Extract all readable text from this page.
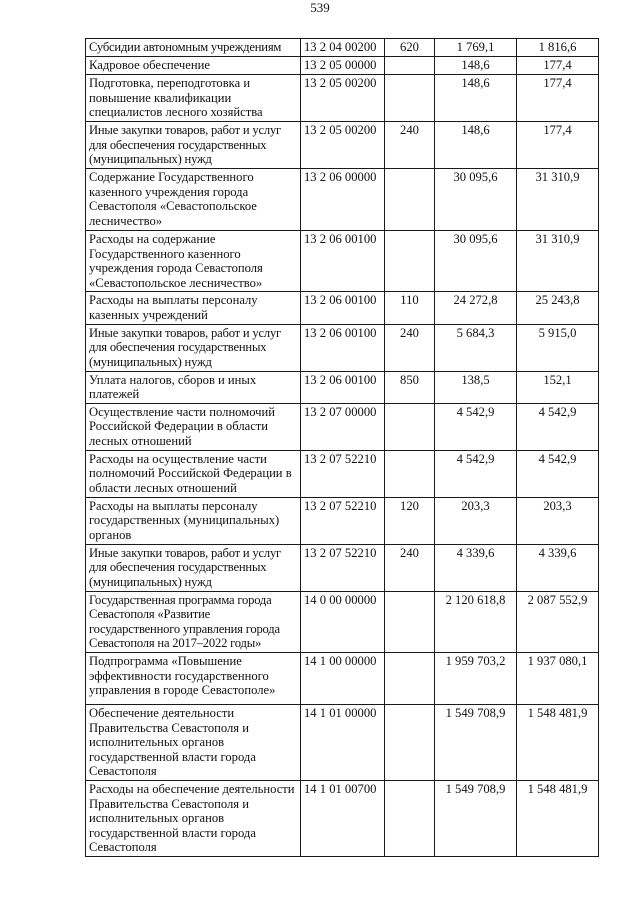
539
Субсидии автономным учреждениям	13 2 04 00200	620	1 769,1	1 816,6
Кадровое обеспечение	13 2 05 00000		148,6	177,4
Подготовка, переподготовка и повышение квалификации специалистов лесного хозяйства	13 2 05 00200		148,6	177,4
Иные закупки товаров, работ и услуг для обеспечения государственных (муниципальных) нужд	13 2 05 00200	240	148,6	177,4
Содержание Государственного казенного учреждения города Севастополя «Севастопольское лесничество»	13 2 06 00000		30 095,6	31 310,9
Расходы на содержание Государственного казенного учреждения города Севастополя «Севастопольское лесничество»	13 2 06 00100		30 095,6	31 310,9
Расходы на выплаты персоналу казенных учреждений	13 2 06 00100	110	24 272,8	25 243,8
Иные закупки товаров, работ и услуг для обеспечения государственных (муниципальных) нужд	13 2 06 00100	240	5 684,3	5 915,0
Уплата налогов, сборов и иных платежей	13 2 06 00100	850	138,5	152,1
Осуществление части полномочий Российской Федерации в области лесных отношений	13 2 07 00000		4 542,9	4 542,9
Расходы на осуществление части полномочий Российской Федерации в области лесных отношений	13 2 07 52210		4 542,9	4 542,9
Расходы на выплаты персоналу государственных (муниципальных) органов	13 2 07 52210	120	203,3	203,3
Иные закупки товаров, работ и услуг для обеспечения государственных (муниципальных) нужд	13 2 07 52210	240	4 339,6	4 339,6
Государственная программа города Севастополя «Развитие государственного управления города Севастополя на 2017–2022 годы»	14 0 00 00000		2 120 618,8	2 087 552,9
Подпрограмма «Повышение эффективности государственного управления в городе Севастополе»	14 1 00 00000		1 959 703,2	1 937 080,1
Обеспечение деятельности Правительства Севастополя и исполнительных органов государственной власти города Севастополя	14 1 01 00000		1 549 708,9	1 548 481,9
Расходы на обеспечение деятельности Правительства Севастополя и исполнительных органов государственной власти города Севастополя	14 1 01 00700		1 549 708,9	1 548 481,9
